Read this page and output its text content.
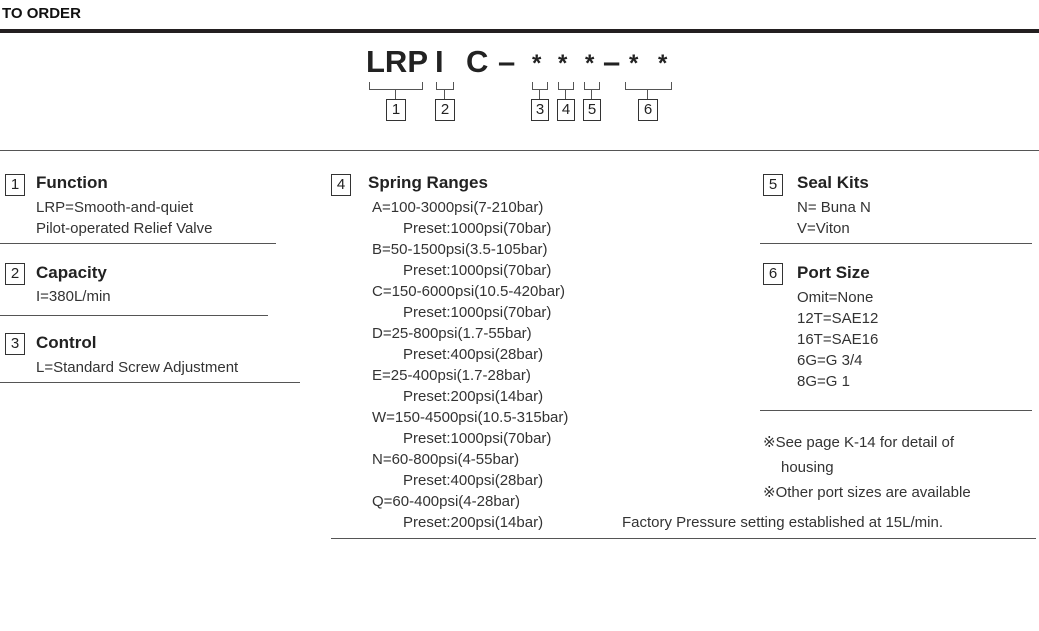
TO ORDER
LRP I C – * * * – * *
1	2	3	4	5	6
1 Function
LRP=Smooth-and-quiet
Pilot-operated Relief Valve
2 Capacity
I=380L/min
3 Control
L=Standard Screw Adjustment
4	Spring Ranges
A=100-3000psi(7-210bar)
Preset:1000psi(70bar)
B=50-1500psi(3.5-105bar)
Preset:1000psi(70bar)
C=150-6000psi(10.5-420bar)
Preset:1000psi(70bar)
D=25-800psi(1.7-55bar)
Preset:400psi(28bar)
E=25-400psi(1.7-28bar)
Preset:200psi(14bar)
W=150-4500psi(10.5-315bar)
Preset:1000psi(70bar)
N=60-800psi(4-55bar)
Preset:400psi(28bar)
Q=60-400psi(4-28bar)
Preset:200psi(14bar)	Factory Pressure setting established at 15L/min.
5	Seal Kits
N= Buna N
V=Viton
6	Port Size
Omit=None
12T=SAE12
16T=SAE16
6G=G 3/4
8G=G 1
※See page K-14 for detail of
housing
※Other port sizes are available
